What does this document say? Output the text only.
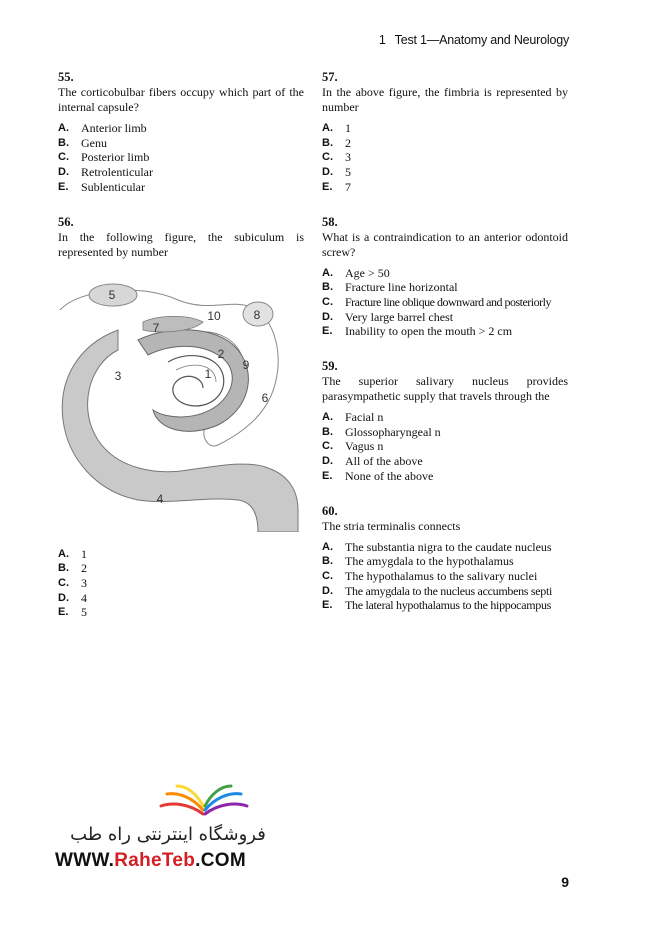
1 Test 1—Anatomy and Neurology
55.
The corticobulbar fibers occupy which part of the internal capsule?
A.	Anterior limb
B.	Genu
C.	Posterior limb
D.	Retrolenticular
E.	Sublenticular
56.
In the following figure, the subiculum is represented by number
5
8
7
10
2
9
1
3
6
4
A.	1
B.	2
C.	3
D.	4
E.	5
57.
In the above figure, the fimbria is represented by number
A.	1
B.	2
C.	3
D.	5
E.	7
58.
What is a contraindication to an anterior odontoid screw?
A.	Age > 50
B.	Fracture line horizontal
C.	Fracture line oblique downward and posteriorly
D.	Very large barrel chest
E.	Inability to open the mouth > 2 cm
59.
The superior salivary nucleus provides parasympathetic supply that travels through the
A.	Facial n
B.	Glossopharyngeal n
C.	Vagus n
D.	All of the above
E.	None of the above
60.
The stria terminalis connects
A.	The substantia nigra to the caudate nucleus
B.	The amygdala to the hypothalamus
C.	The hypothalamus to the salivary nuclei
D.	The amygdala to the nucleus accumbens septi
E.	The lateral hypothalamus to the hippocampus
فروشگاه اینترنتی راه طب
WWW.RaheTeb.COM
9
